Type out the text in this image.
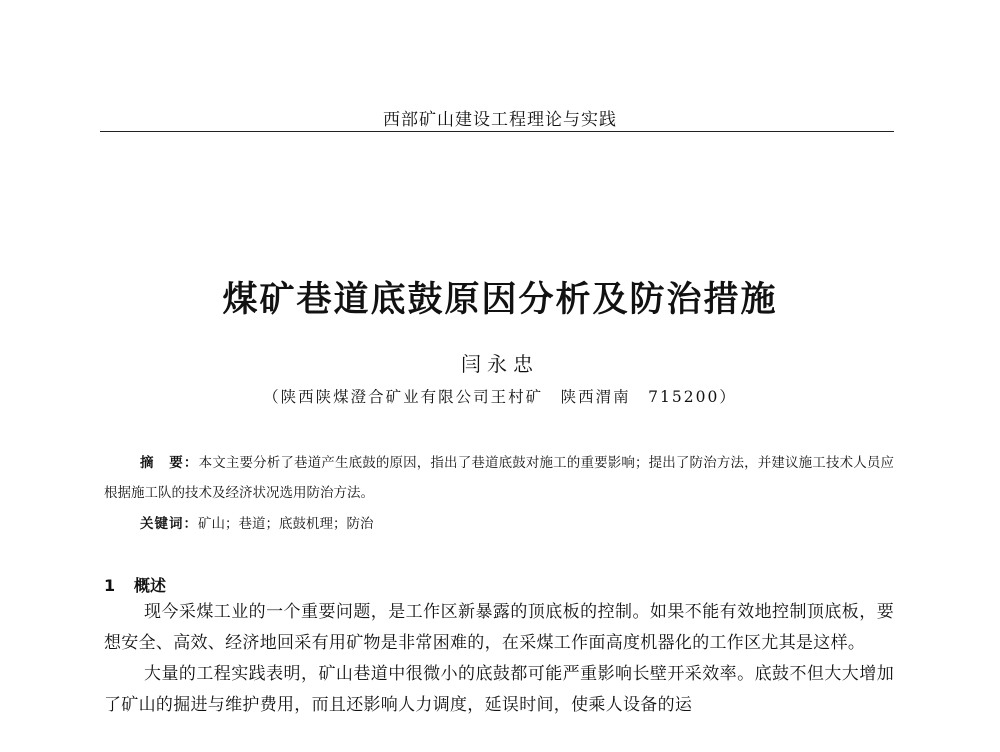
西部矿山建设工程理论与实践
煤矿巷道底鼓原因分析及防治措施
闫永忠
（陕西陕煤澄合矿业有限公司王村矿　陕西渭南　715200）
摘　要：本文主要分析了巷道产生底鼓的原因，指出了巷道底鼓对施工的重要影响；提出了防治方法，并建议施工技术人员应根据施工队的技术及经济状况选用防治方法。
关键词：矿山；巷道；底鼓机理；防治
1 概述

现今采煤工业的一个重要问题，是工作区新暴露的顶底板的控制。如果不能有效地控制顶底板，要想安全、高效、经济地回采有用矿物是非常困难的，在采煤工作面高度机器化的工作区尤其是这样。

大量的工程实践表明，矿山巷道中很微小的底鼓都可能严重影响长壁开采效率。底鼓不但大大增加了矿山的掘进与维护费用，而且还影响人力调度，延误时间，使乘人设备的运
